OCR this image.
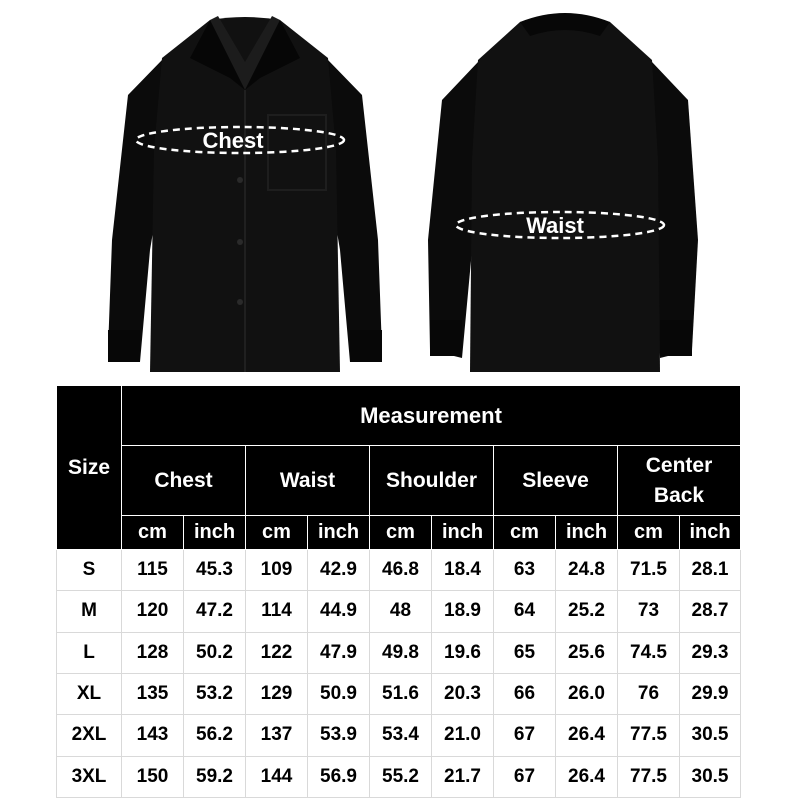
Chest
Waist
Size	Measurement									
	Chest		Waist		Shoulder		Sleeve		Center
Back	

	cm	inch	cm	inch	cm	inch	cm	inch	cm	inch
S	115	45.3	109	42.9	46.8	18.4	63	24.8	71.5	28.1
M	120	47.2	114	44.9	48	18.9	64	25.2	73	28.7
L	128	50.2	122	47.9	49.8	19.6	65	25.6	74.5	29.3
XL	135	53.2	129	50.9	51.6	20.3	66	26.0	76	29.9
2XL	143	56.2	137	53.9	53.4	21.0	67	26.4	77.5	30.5
3XL	150	59.2	144	56.9	55.2	21.7	67	26.4	77.5	30.5
